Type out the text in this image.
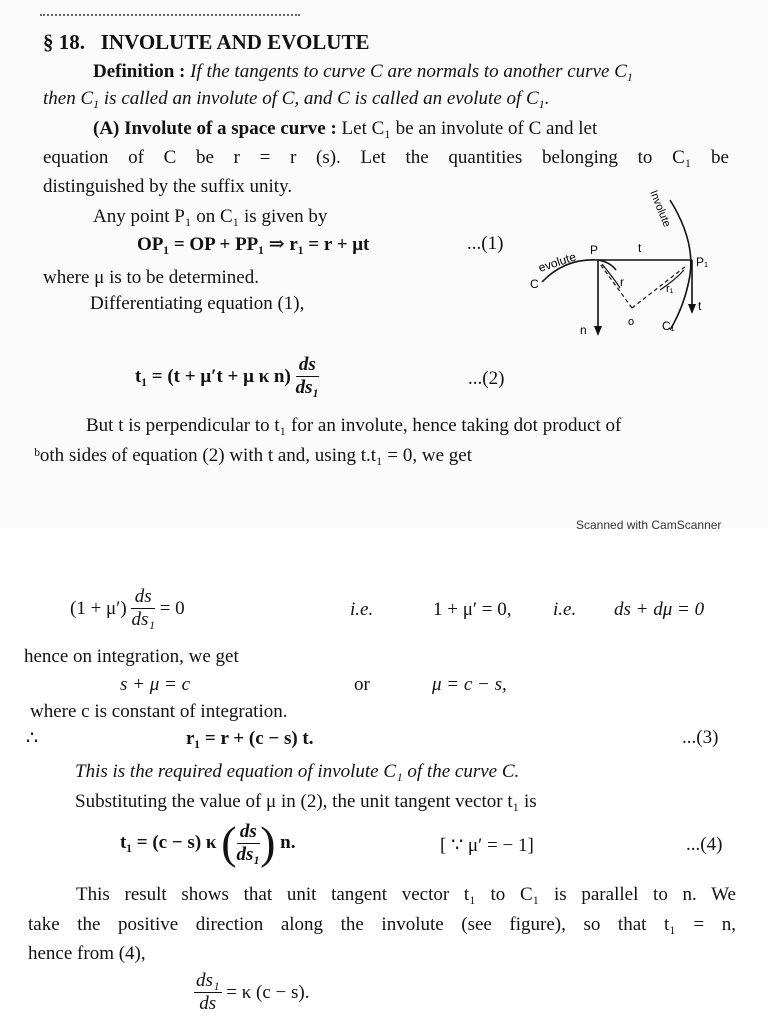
§ 18. INVOLUTE AND EVOLUTE
Definition : If the tangents to curve C are normals to another curve $C_1$
then $C_1$ is called an involute of C, and C is called an evolute of $C_1$.
(A) Involute of a space curve : Let C₁ be an involute of C and let
equation of C be r = r (s). Let the quantities belonging to C₁ be
distinguished by the suffix unity.
Any point P₁ on C₁ is given by
OP₁ = OP + PP₁ ⇒ r₁ = r + μt	...(1)
where μ is to be determined.
Differentiating equation (1),
Involute
evolute
C
P	t
P₁
r	r₁
o
n	C₁
t
t₁ = (t + μ′t + μ κ $n) \frac{ds}{\text{ds₁}}$	...(2)
But t is perpendicular to t₁ for an involute, hence taking dot product of
ᵇoth sides of equation (2) with t and, using t.t₁ = 0, we get
Scanned with CamScanner
$(1 + \mu') \frac{ds}{\text{ds₁}} = 0$	i.e.	1 + μ′ = 0, i.e. ds + dμ = 0
hence on integration, we get
s + μ = c	or	μ = c − s,
where c is constant of integration.
∴	r₁ = r + (c − s) t.	...(3)
This is the required equation of involute C₁ of the curve C.
Substituting the value of μ in (2), the unit tangent vector t₁ is
t₁ = (c − s) κ ( $\frac{ds}{\text{ds₁}}$ ) n.	[ ∵ μ′ = − 1]	...(4)
This result shows that unit tangent vector t₁ to C₁ is parallel to n. We
take the positive direction along the involute (see figure), so that t₁ = n,
hence from (4),
$\frac{\text{ds₁}}{ds} = \kappa$ (c − s).
